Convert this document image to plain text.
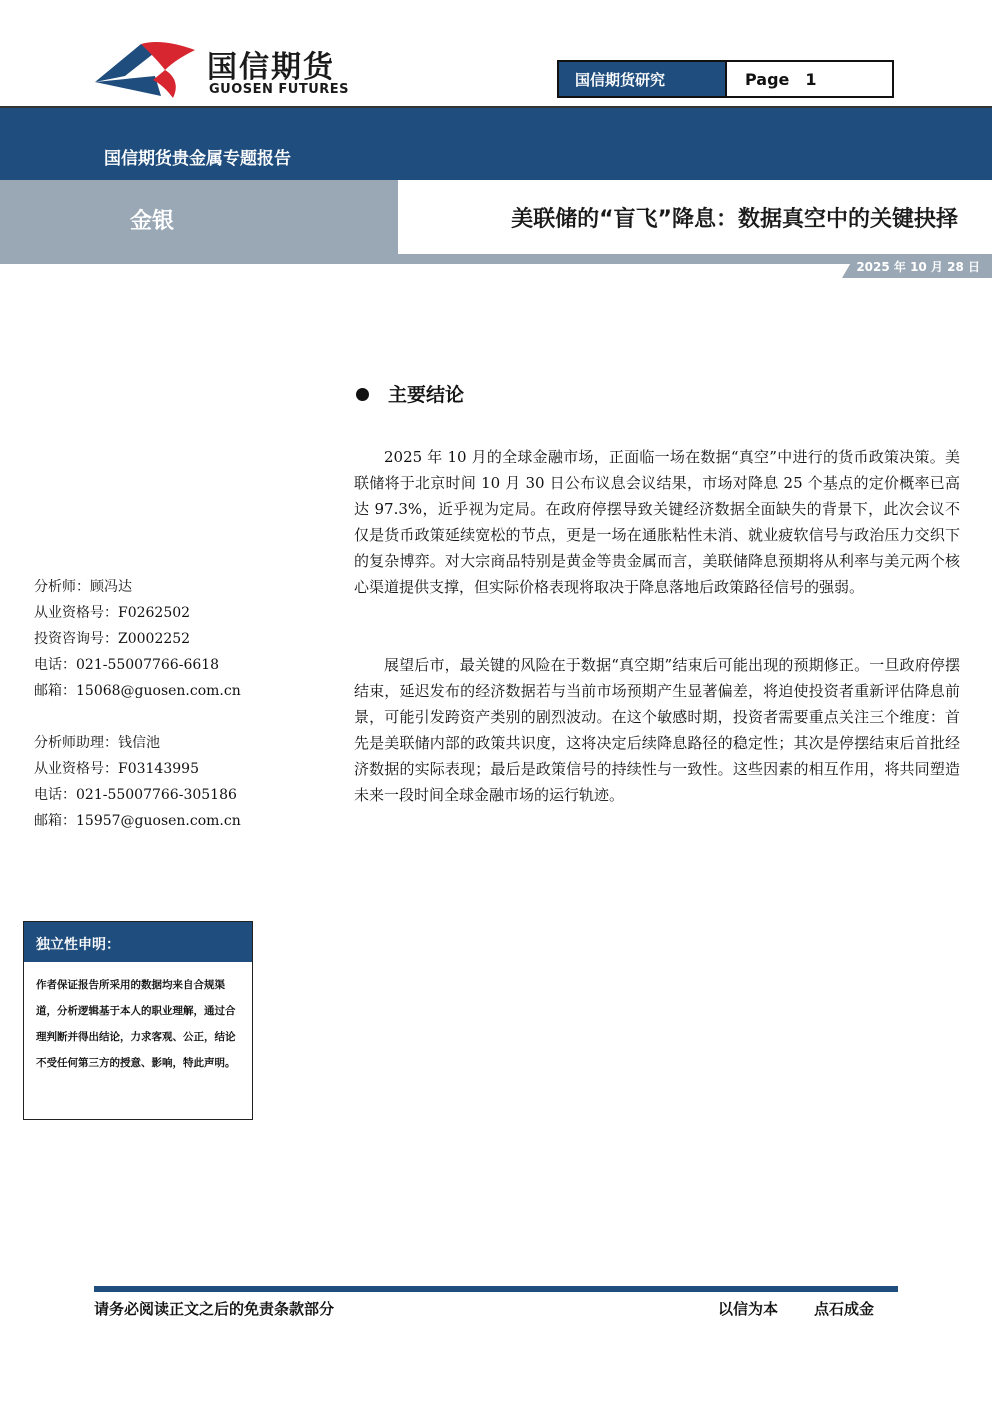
国信期货
GUOSEN FUTURES
国信期货研究	Page 1
国信期货贵金属专题报告
金银	美联储的“盲飞”降息：数据真空中的关键抉择
2025 年 10 月 28 日
主要结论
2025 年 10 月的全球金融市场，正面临一场在数据“真空”中进行的货币政策决策。美联储将于北京时间 10 月 30 日公布议息会议结果，市场对降息 25 个基点的定价概率已高达 97.3%，近乎视为定局。在政府停摆导致关键经济数据全面缺失的背景下，此次会议不仅是货币政策延续宽松的节点，更是一场在通胀粘性未消、就业疲软信号与政治压力交织下的复杂博弈。对大宗商品特别是黄金等贵金属而言，美联储降息预期将从利率与美元两个核心渠道提供支撑，但实际价格表现将取决于降息落地后政策路径信号的强弱。
展望后市，最关键的风险在于数据“真空期”结束后可能出现的预期修正。一旦政府停摆结束，延迟发布的经济数据若与当前市场预期产生显著偏差，将迫使投资者重新评估降息前景，可能引发跨资产类别的剧烈波动。在这个敏感时期，投资者需要重点关注三个维度：首先是美联储内部的政策共识度，这将决定后续降息路径的稳定性；其次是停摆结束后首批经济数据的实际表现；最后是政策信号的持续性与一致性。这些因素的相互作用，将共同塑造未来一段时间全球金融市场的运行轨迹。
分析师：顾冯达
从业资格号：F0262502
投资咨询号：Z0002252
电话：021-55007766-6618
邮箱：15068@guosen.com.cn
分析师助理：钱信池
从业资格号：F03143995
电话：021-55007766-305186
邮箱：15957@guosen.com.cn
独立性申明：
作者保证报告所采用的数据均来自合规渠道，分析逻辑基于本人的职业理解，通过合理判断并得出结论，力求客观、公正，结论不受任何第三方的授意、影响，特此声明。
请务必阅读正文之后的免责条款部分	以信为本 点石成金
